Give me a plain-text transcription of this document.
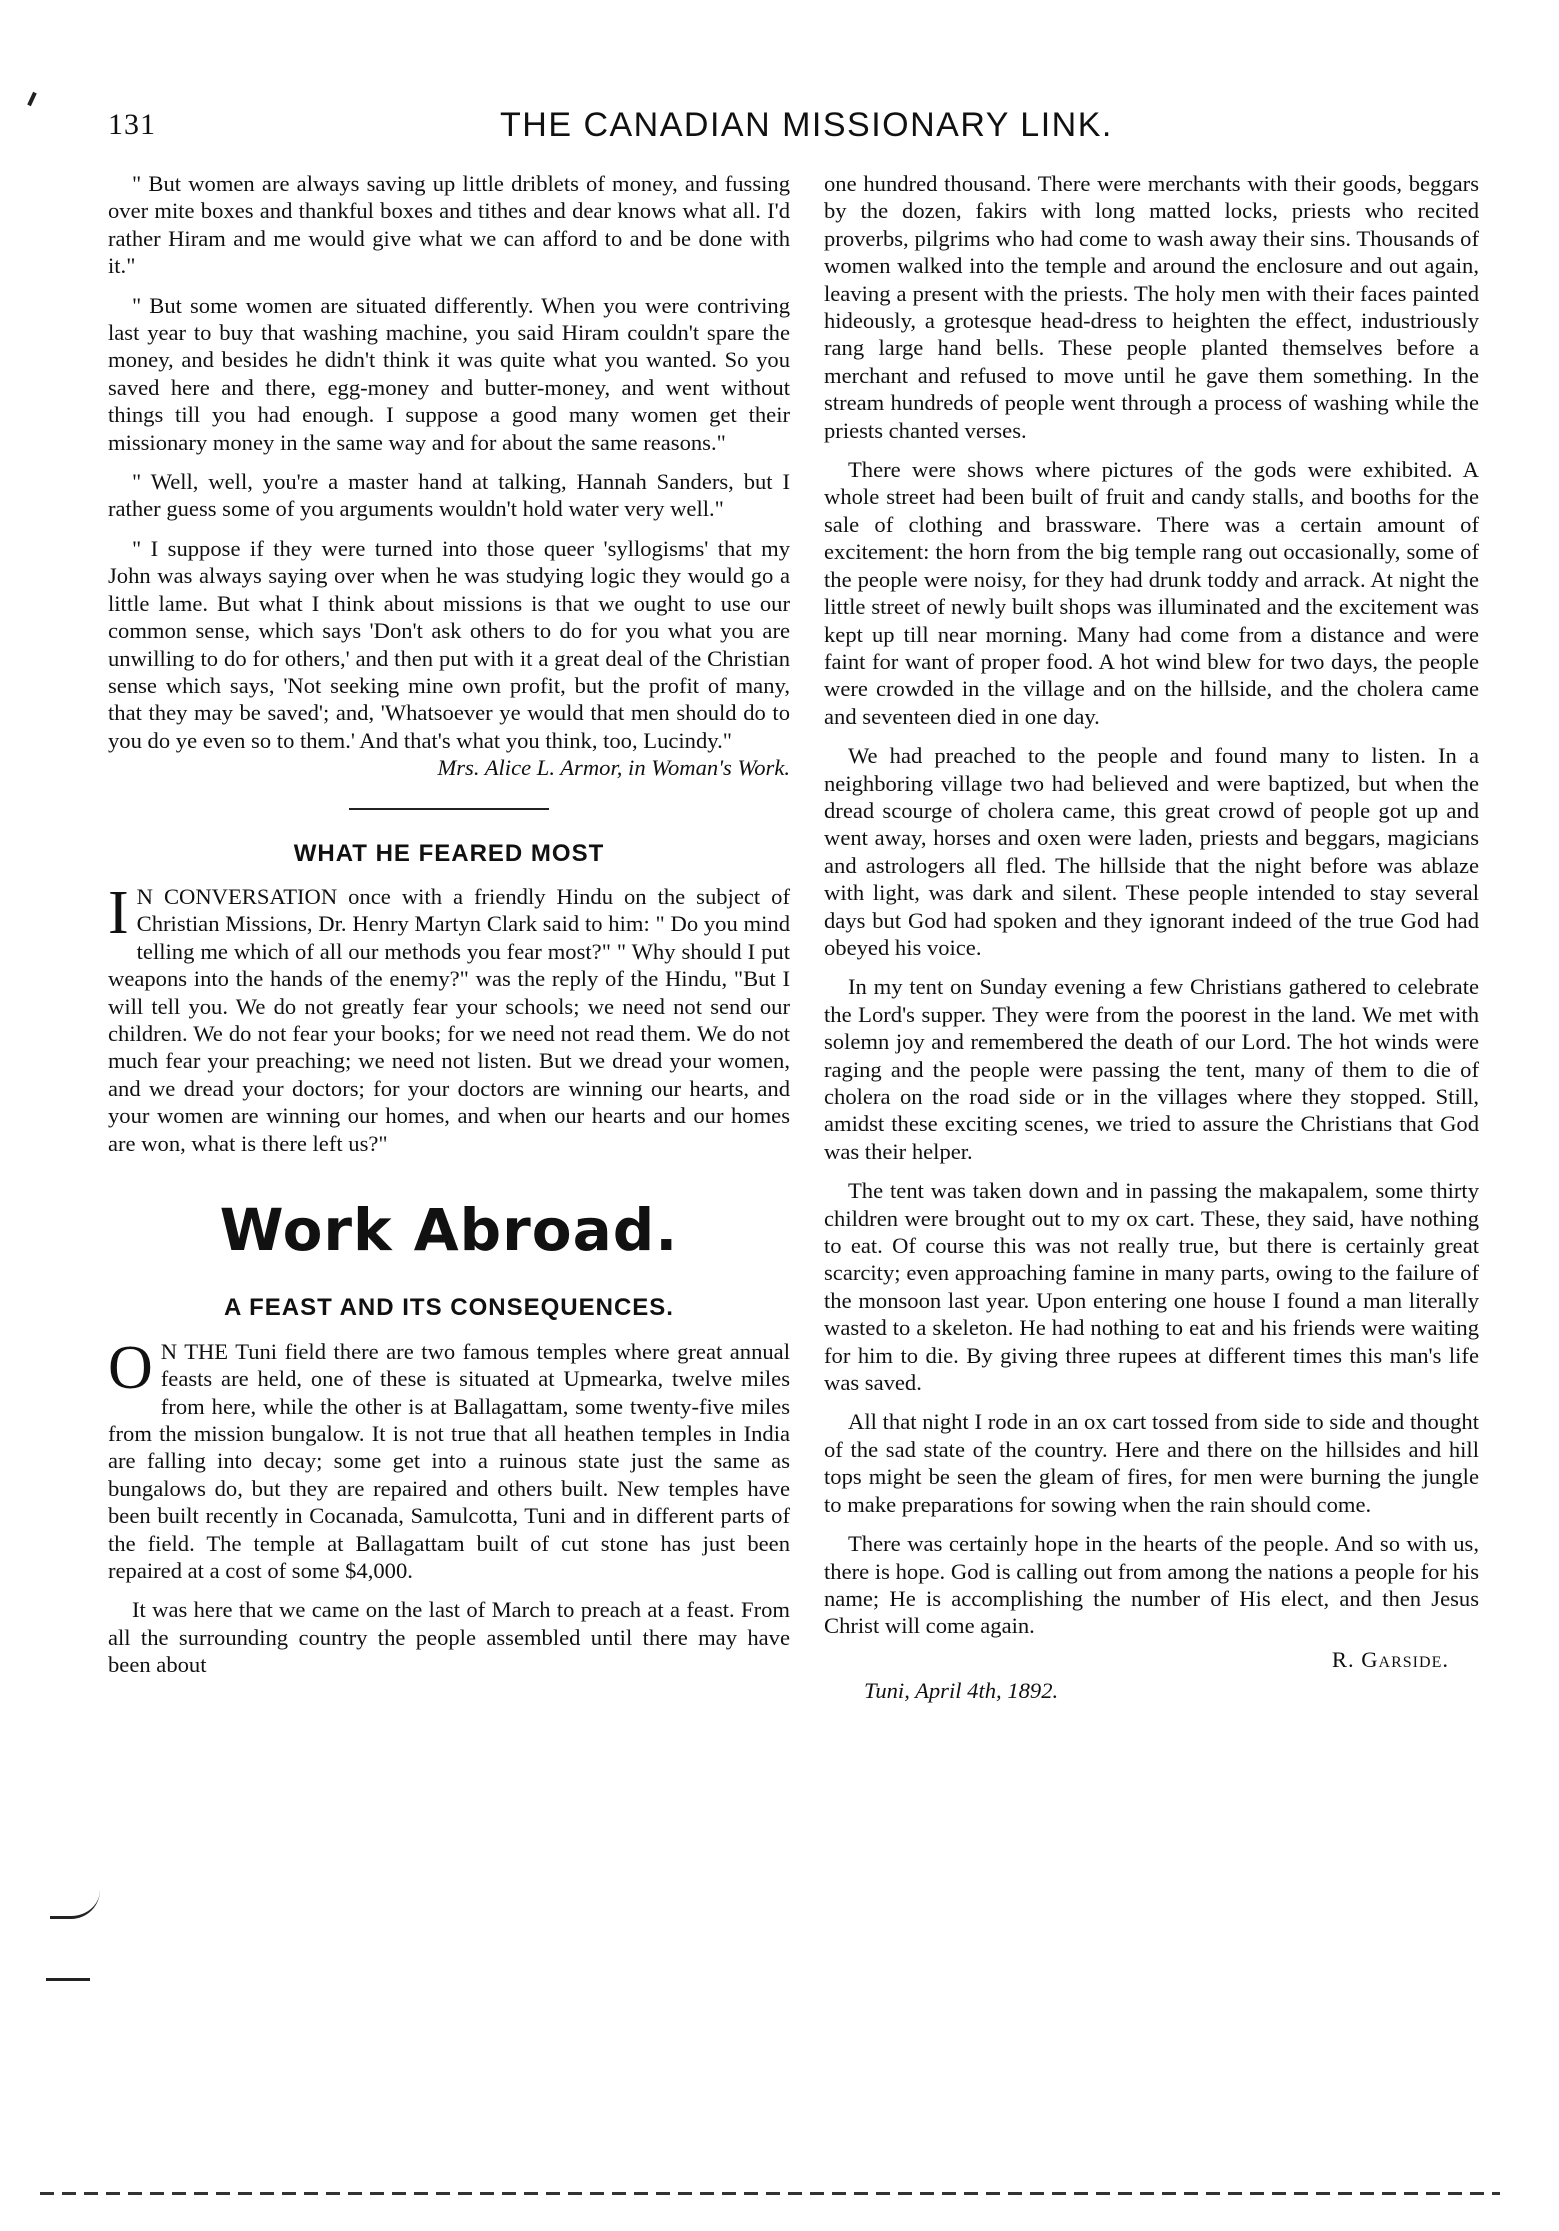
131	THE CANADIAN MISSIONARY LINK.

" But women are always saving up little driblets of money, and fussing over mite boxes and thankful boxes and tithes and dear knows what all. I'd rather Hiram and me would give what we can afford to and be done with it."

" But some women are situated differently. When you were contriving last year to buy that washing machine, you said Hiram couldn't spare the money, and besides he didn't think it was quite what you wanted. So you saved here and there, egg-money and butter-money, and went without things till you had enough. I suppose a good many women get their missionary money in the same way and for about the same reasons."

" Well, well, you're a master hand at talking, Hannah Sanders, but I rather guess some of you arguments wouldn't hold water very well."

" I suppose if they were turned into those queer 'syllogisms' that my John was always saying over when he was studying logic they would go a little lame. But what I think about missions is that we ought to use our common sense, which says 'Don't ask others to do for you what you are unwilling to do for others,' and then put with it a great deal of the Christian sense which says, 'Not seeking mine own profit, but the profit of many, that they may be saved'; and, 'Whatsoever ye would that men should do to you do ye even so to them.' And that's what you think, too, Lucindy."

Mrs. Alice L. Armor, in Woman's Work.

WHAT HE FEARED MOST

I N CONVERSATION once with a friendly Hindu on the subject of Christian Missions, Dr. Henry Martyn Clark said to him: " Do you mind telling me which of all our methods you fear most?" " Why should I put weapons into the hands of the enemy?" was the reply of the Hindu, "But I will tell you. We do not greatly fear your schools; we need not send our children. We do not fear your books; for we need not read them. We do not much fear your preaching; we need not listen. But we dread your women, and we dread your doctors; for your doctors are winning our hearts, and your women are winning our homes, and when our hearts and our homes are won, what is there left us?"

Work Abroad.
A FEAST AND ITS CONSEQUENCES.

O N THE Tuni field there are two famous temples where great annual feasts are held, one of these is situated at Upmearka, twelve miles from here, while the other is at Ballagattam, some twenty-five miles from the mission bungalow. It is not true that all heathen temples in India are falling into decay; some get into a ruinous state just the same as bungalows do, but they are repaired and others built. New temples have been built recently in Cocanada, Samulcotta, Tuni and in different parts of the field. The temple at Ballagattam built of cut stone has just been repaired at a cost of some $4,000.

It was here that we came on the last of March to preach at a feast. From all the surrounding country the people assembled until there may have been about

one hundred thousand. There were merchants with their goods, beggars by the dozen, fakirs with long matted locks, priests who recited proverbs, pilgrims who had come to wash away their sins. Thousands of women walked into the temple and around the enclosure and out again, leaving a present with the priests. The holy men with their faces painted hideously, a grotesque head-dress to heighten the effect, industriously rang large hand bells. These people planted themselves before a merchant and refused to move until he gave them something. In the stream hundreds of people went through a process of washing while the priests chanted verses.

There were shows where pictures of the gods were exhibited. A whole street had been built of fruit and candy stalls, and booths for the sale of clothing and brassware. There was a certain amount of excitement: the horn from the big temple rang out occasionally, some of the people were noisy, for they had drunk toddy and arrack. At night the little street of newly built shops was illuminated and the excitement was kept up till near morning. Many had come from a distance and were faint for want of proper food. A hot wind blew for two days, the people were crowded in the village and on the hillside, and the cholera came and seventeen died in one day.

We had preached to the people and found many to listen. In a neighboring village two had believed and were baptized, but when the dread scourge of cholera came, this great crowd of people got up and went away, horses and oxen were laden, priests and beggars, magicians and astrologers all fled. The hillside that the night before was ablaze with light, was dark and silent. These people intended to stay several days but God had spoken and they ignorant indeed of the true God had obeyed his voice.

In my tent on Sunday evening a few Christians gathered to celebrate the Lord's supper. They were from the poorest in the land. We met with solemn joy and remembered the death of our Lord. The hot winds were raging and the people were passing the tent, many of them to die of cholera on the road side or in the villages where they stopped. Still, amidst these exciting scenes, we tried to assure the Christians that God was their helper.

The tent was taken down and in passing the makapalem, some thirty children were brought out to my ox cart. These, they said, have nothing to eat. Of course this was not really true, but there is certainly great scarcity; even approaching famine in many parts, owing to the failure of the monsoon last year. Upon entering one house I found a man literally wasted to a skeleton. He had nothing to eat and his friends were waiting for him to die. By giving three rupees at different times this man's life was saved.

All that night I rode in an ox cart tossed from side to side and thought of the sad state of the country. Here and there on the hillsides and hill tops might be seen the gleam of fires, for men were burning the jungle to make preparations for sowing when the rain should come.

There was certainly hope in the hearts of the people. And so with us, there is hope. God is calling out from among the nations a people for his name; He is accomplishing the number of His elect, and then Jesus Christ will come again.

R. Garside.
Tuni, April 4th, 1892.
